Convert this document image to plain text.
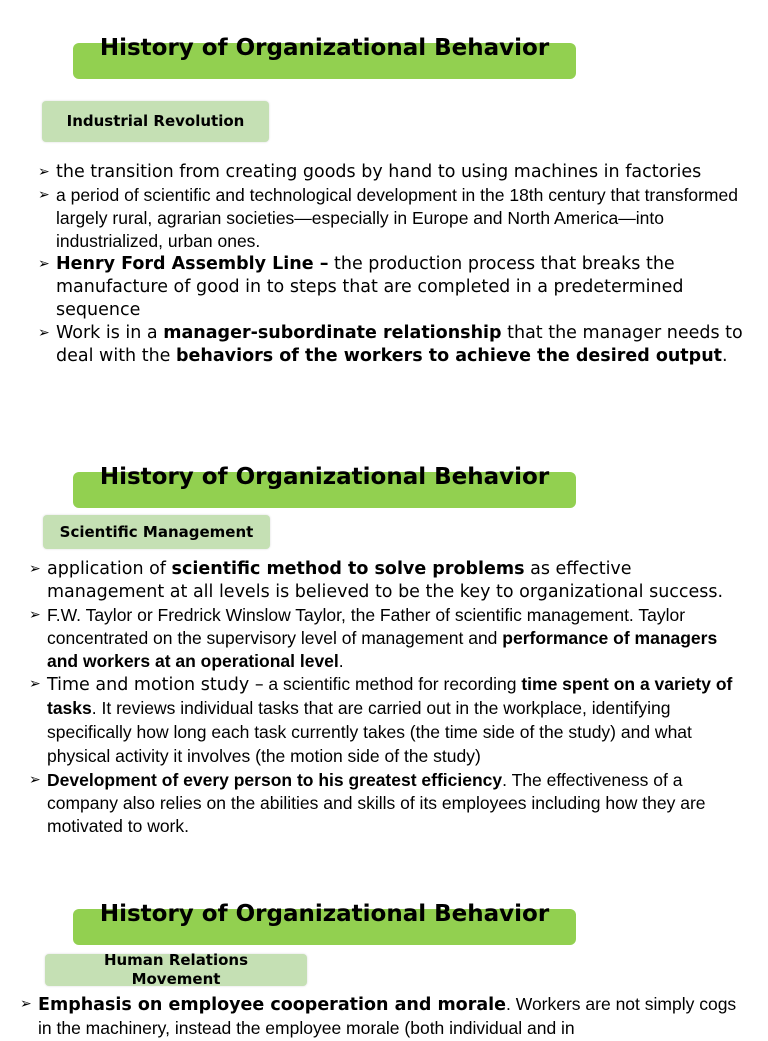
History of Organizational Behavior
Industrial Revolution
➢ the transition from creating goods by hand to using machines in factories
➢ a period of scientific and technological development in the 18th century that transformed largely rural, agrarian societies—especially in Europe and North America—into industrialized, urban ones.
➢ Henry Ford Assembly Line – the production process that breaks the manufacture of good in to steps that are completed in a predetermined sequence
➢ Work is in a manager-subordinate relationship that the manager needs to deal with the behaviors of the workers to achieve the desired output.
History of Organizational Behavior
Scientific Management
➢ application of scientific method to solve problems as effective management at all levels is believed to be the key to organizational success.
➢ F.W. Taylor or Fredrick Winslow Taylor, the Father of scientific management. Taylor concentrated on the supervisory level of management and performance of managers and workers at an operational level.
➢ Time and motion study – a scientific method for recording time spent on a variety of tasks. It reviews individual tasks that are carried out in the workplace, identifying specifically how long each task currently takes (the time side of the study) and what physical activity it involves (the motion side of the study)
➢ Development of every person to his greatest efficiency. The effectiveness of a company also relies on the abilities and skills of its employees including how they are motivated to work.
History of Organizational Behavior
Human Relations Movement
➢ Emphasis on employee cooperation and morale. Workers are not simply cogs in the machinery, instead the employee morale (both individual and in
